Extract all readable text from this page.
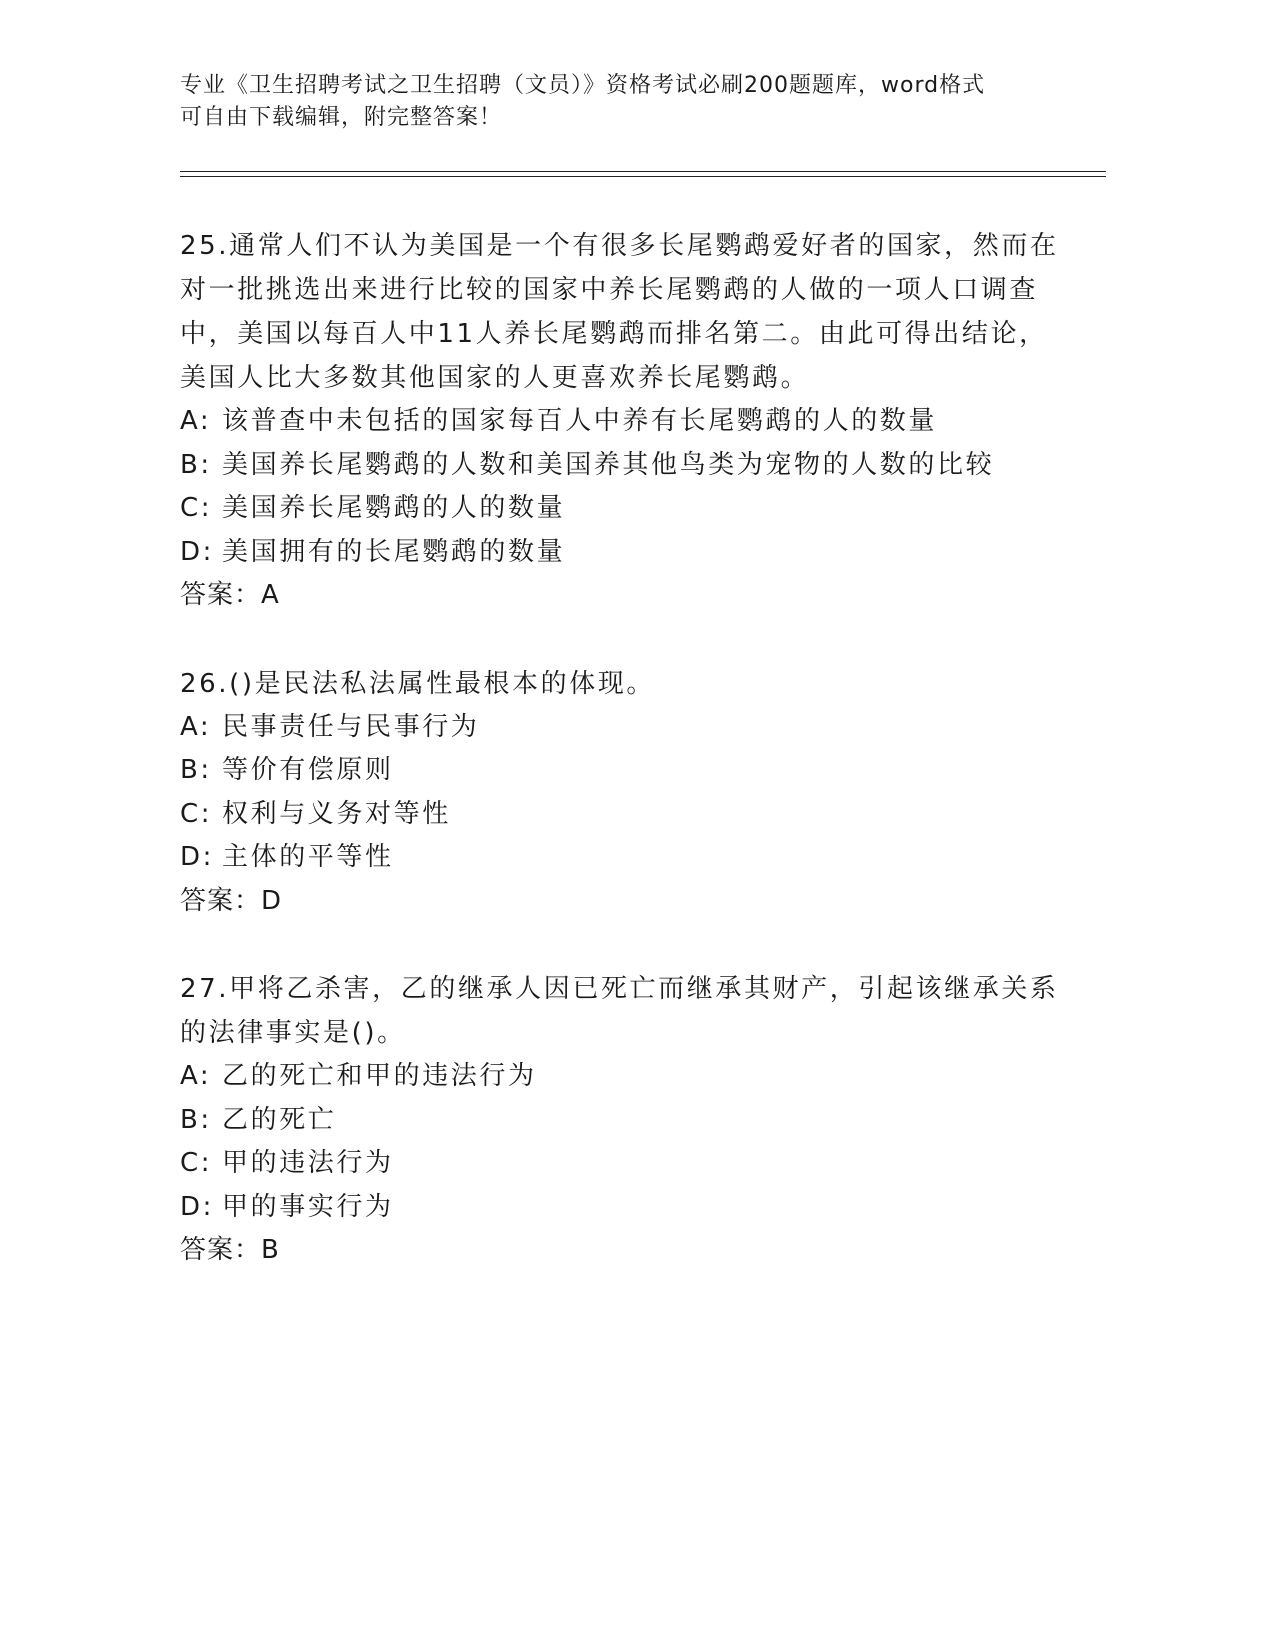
专业《卫生招聘考试之卫生招聘（文员）》资格考试必刷200题题库，word格式
可自由下载编辑，附完整答案！
25.通常人们不认为美国是一个有很多长尾鹦鹉爱好者的国家，然而在
对一批挑选出来进行比较的国家中养长尾鹦鹉的人做的一项人口调查
中，美国以每百人中11人养长尾鹦鹉而排名第二。由此可得出结论，
美国人比大多数其他国家的人更喜欢养长尾鹦鹉。
A: 该普查中未包括的国家每百人中养有长尾鹦鹉的人的数量
B: 美国养长尾鹦鹉的人数和美国养其他鸟类为宠物的人数的比较
C: 美国养长尾鹦鹉的人的数量
D: 美国拥有的长尾鹦鹉的数量
答案：A
26.()是民法私法属性最根本的体现。
A: 民事责任与民事行为
B: 等价有偿原则
C: 权利与义务对等性
D: 主体的平等性
答案：D
27.甲将乙杀害，乙的继承人因已死亡而继承其财产，引起该继承关系
的法律事实是()。
A: 乙的死亡和甲的违法行为
B: 乙的死亡
C: 甲的违法行为
D: 甲的事实行为
答案：B
